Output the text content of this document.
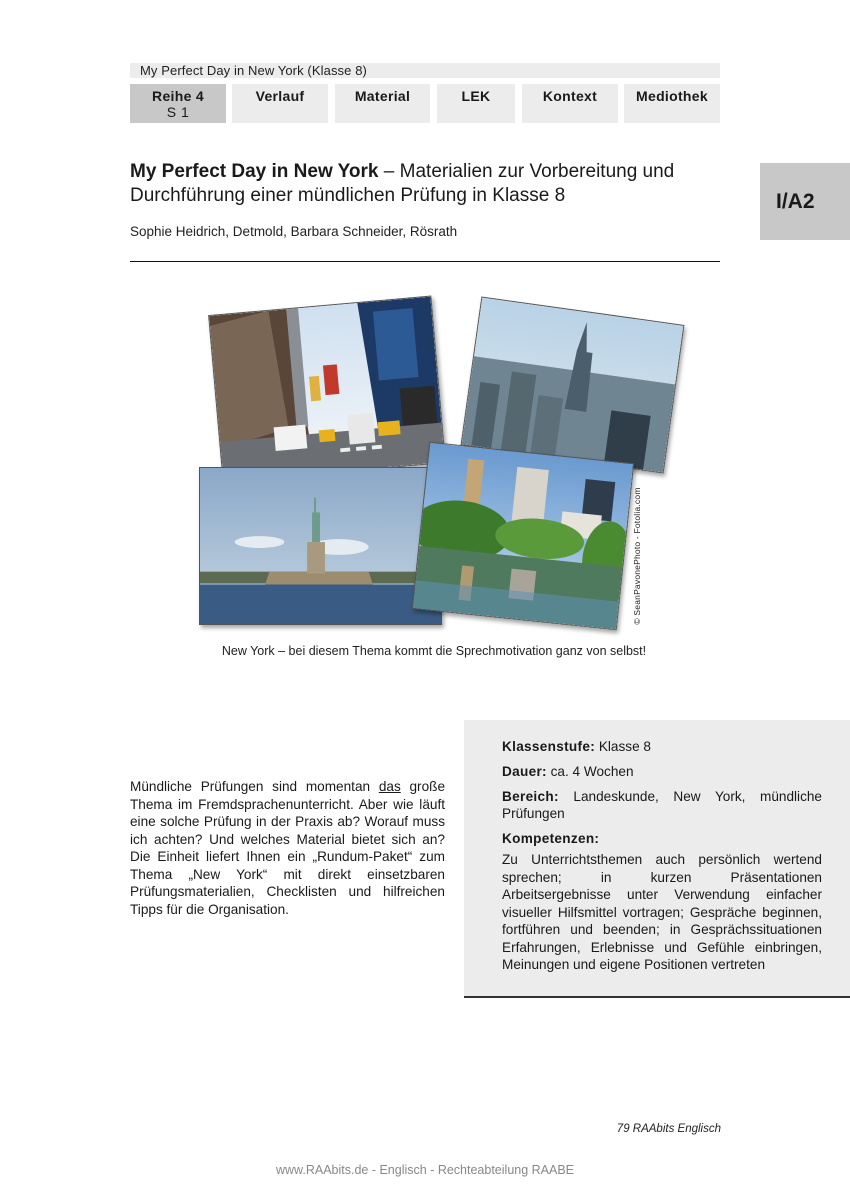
My Perfect Day in New York (Klasse 8)
Reihe 4
S 1
Verlauf	Material	LEK	Kontext	Mediothek
I/A2
My Perfect Day in New York – Materialien zur Vorbereitung und Durchführung einer mündlichen Prüfung in Klasse 8
Sophie Heidrich, Detmold, Barbara Schneider, Rösrath
© SeanPavonePhoto - Fotolia.com
New York – bei diesem Thema kommt die Sprechmotivation ganz von selbst!
Mündliche Prüfungen sind momentan das große Thema im Fremdsprachenunterricht. Aber wie läuft eine solche Prüfung in der Praxis ab? Worauf muss ich achten? Und welches Material bietet sich an? Die Einheit liefert Ihnen ein „Rundum-Paket“ zum Thema „New York“ mit direkt einsetzbaren Prüfungsmaterialien, Checklisten und hilfreichen Tipps für die Organisation.
Klassenstufe: Klasse 8
Dauer: ca. 4 Wochen
Bereich: Landeskunde, New York, mündliche Prüfungen
Kompetenzen:
Zu Unterrichtsthemen auch persönlich wertend sprechen; in kurzen Präsentationen Arbeitsergebnisse unter Verwendung einfacher visueller Hilfsmittel vortragen; Gespräche beginnen, fortführen und beenden; in Gesprächssituationen Erfahrungen, Erlebnisse und Gefühle einbringen, Meinungen und eigene Positionen vertreten
79 RAAbits Englisch
www.RAAbits.de - Englisch - Rechteabteilung RAABE
